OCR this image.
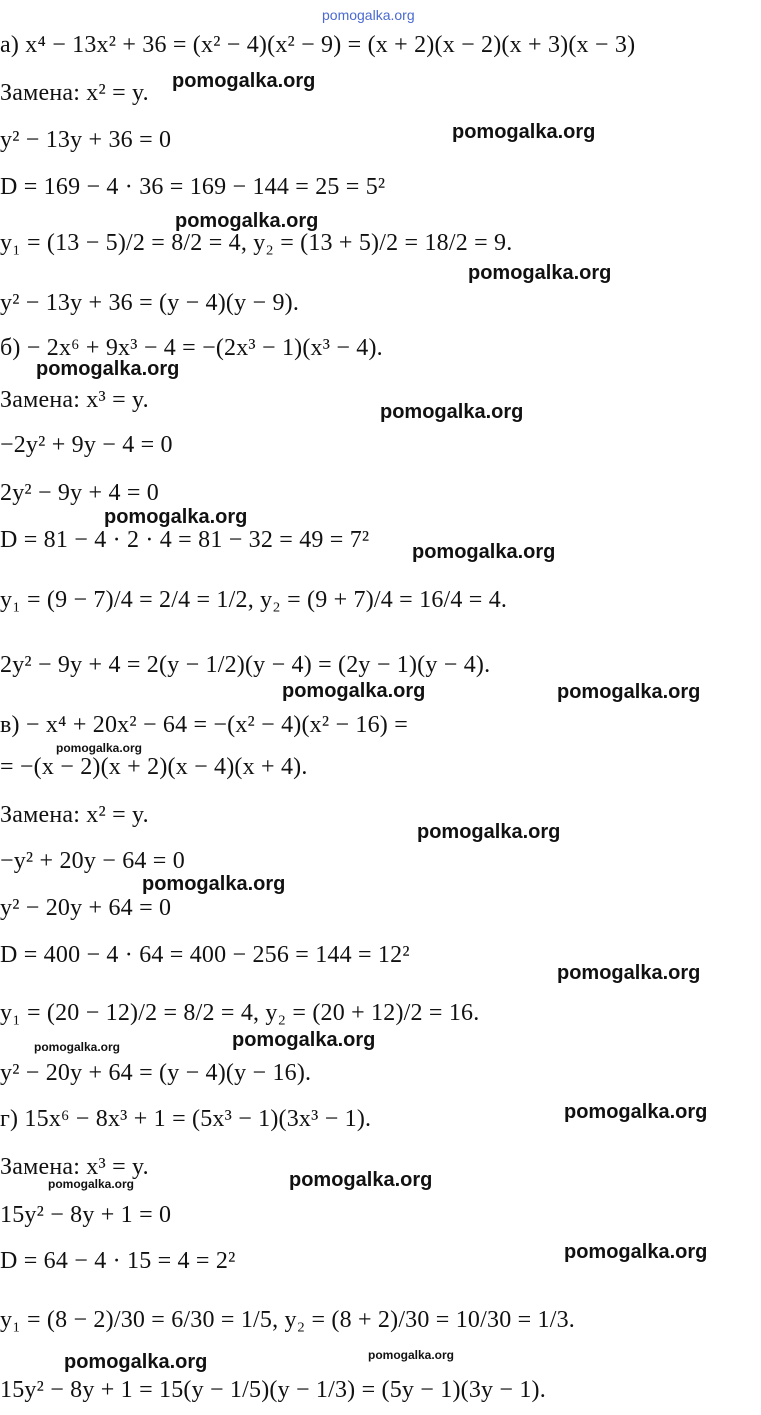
pomogalka.org
а) x⁴ − 13x² + 36 = (x² − 4)(x² − 9) = (x + 2)(x − 2)(x + 3)(x − 3)
Замена: x² = y.
y² − 13y + 36 = 0
D = 169 − 4 · 36 = 169 − 144 = 25 = 5²
y₁ = (13 − 5)/2 = 8/2 = 4, y₂ = (13 + 5)/2 = 18/2 = 9.
y² − 13y + 36 = (y − 4)(y − 9).
б) − 2x⁶ + 9x³ − 4 = −(2x³ − 1)(x³ − 4).
Замена: x³ = y.
−2y² + 9y − 4 = 0
2y² − 9y + 4 = 0
D = 81 − 4 · 2 · 4 = 81 − 32 = 49 = 7²
y₁ = (9 − 7)/4 = 2/4 = 1/2, y₂ = (9 + 7)/4 = 16/4 = 4.
2y² − 9y + 4 = 2(y − 1/2)(y − 4) = (2y − 1)(y − 4).
в) − x⁴ + 20x² − 64 = −(x² − 4)(x² − 16) =
= −(x − 2)(x + 2)(x − 4)(x + 4).
Замена: x² = y.
−y² + 20y − 64 = 0
y² − 20y + 64 = 0
D = 400 − 4 · 64 = 400 − 256 = 144 = 12²
y₁ = (20 − 12)/2 = 8/2 = 4, y₂ = (20 + 12)/2 = 16.
y² − 20y + 64 = (y − 4)(y − 16).
г) 15x⁶ − 8x³ + 1 = (5x³ − 1)(3x³ − 1).
Замена: x³ = y.
15y² − 8y + 1 = 0
D = 64 − 4 · 15 = 4 = 2²
y₁ = (8 − 2)/30 = 6/30 = 1/5, y₂ = (8 + 2)/30 = 10/30 = 1/3.
15y² − 8y + 1 = 15(y − 1/5)(y − 1/3) = (5y − 1)(3y − 1).
pomogalka.org
pomogalka.org
pomogalka.org
pomogalka.org
pomogalka.org
pomogalka.org
pomogalka.org
pomogalka.org
pomogalka.org	pomogalka.org
pomogalka.org
pomogalka.org
pomogalka.org
pomogalka.org
pomogalka.org	pomogalka.org
pomogalka.org
pomogalka.org
pomogalka.org
pomogalka.org
pomogalka.org
pomogalka.org
